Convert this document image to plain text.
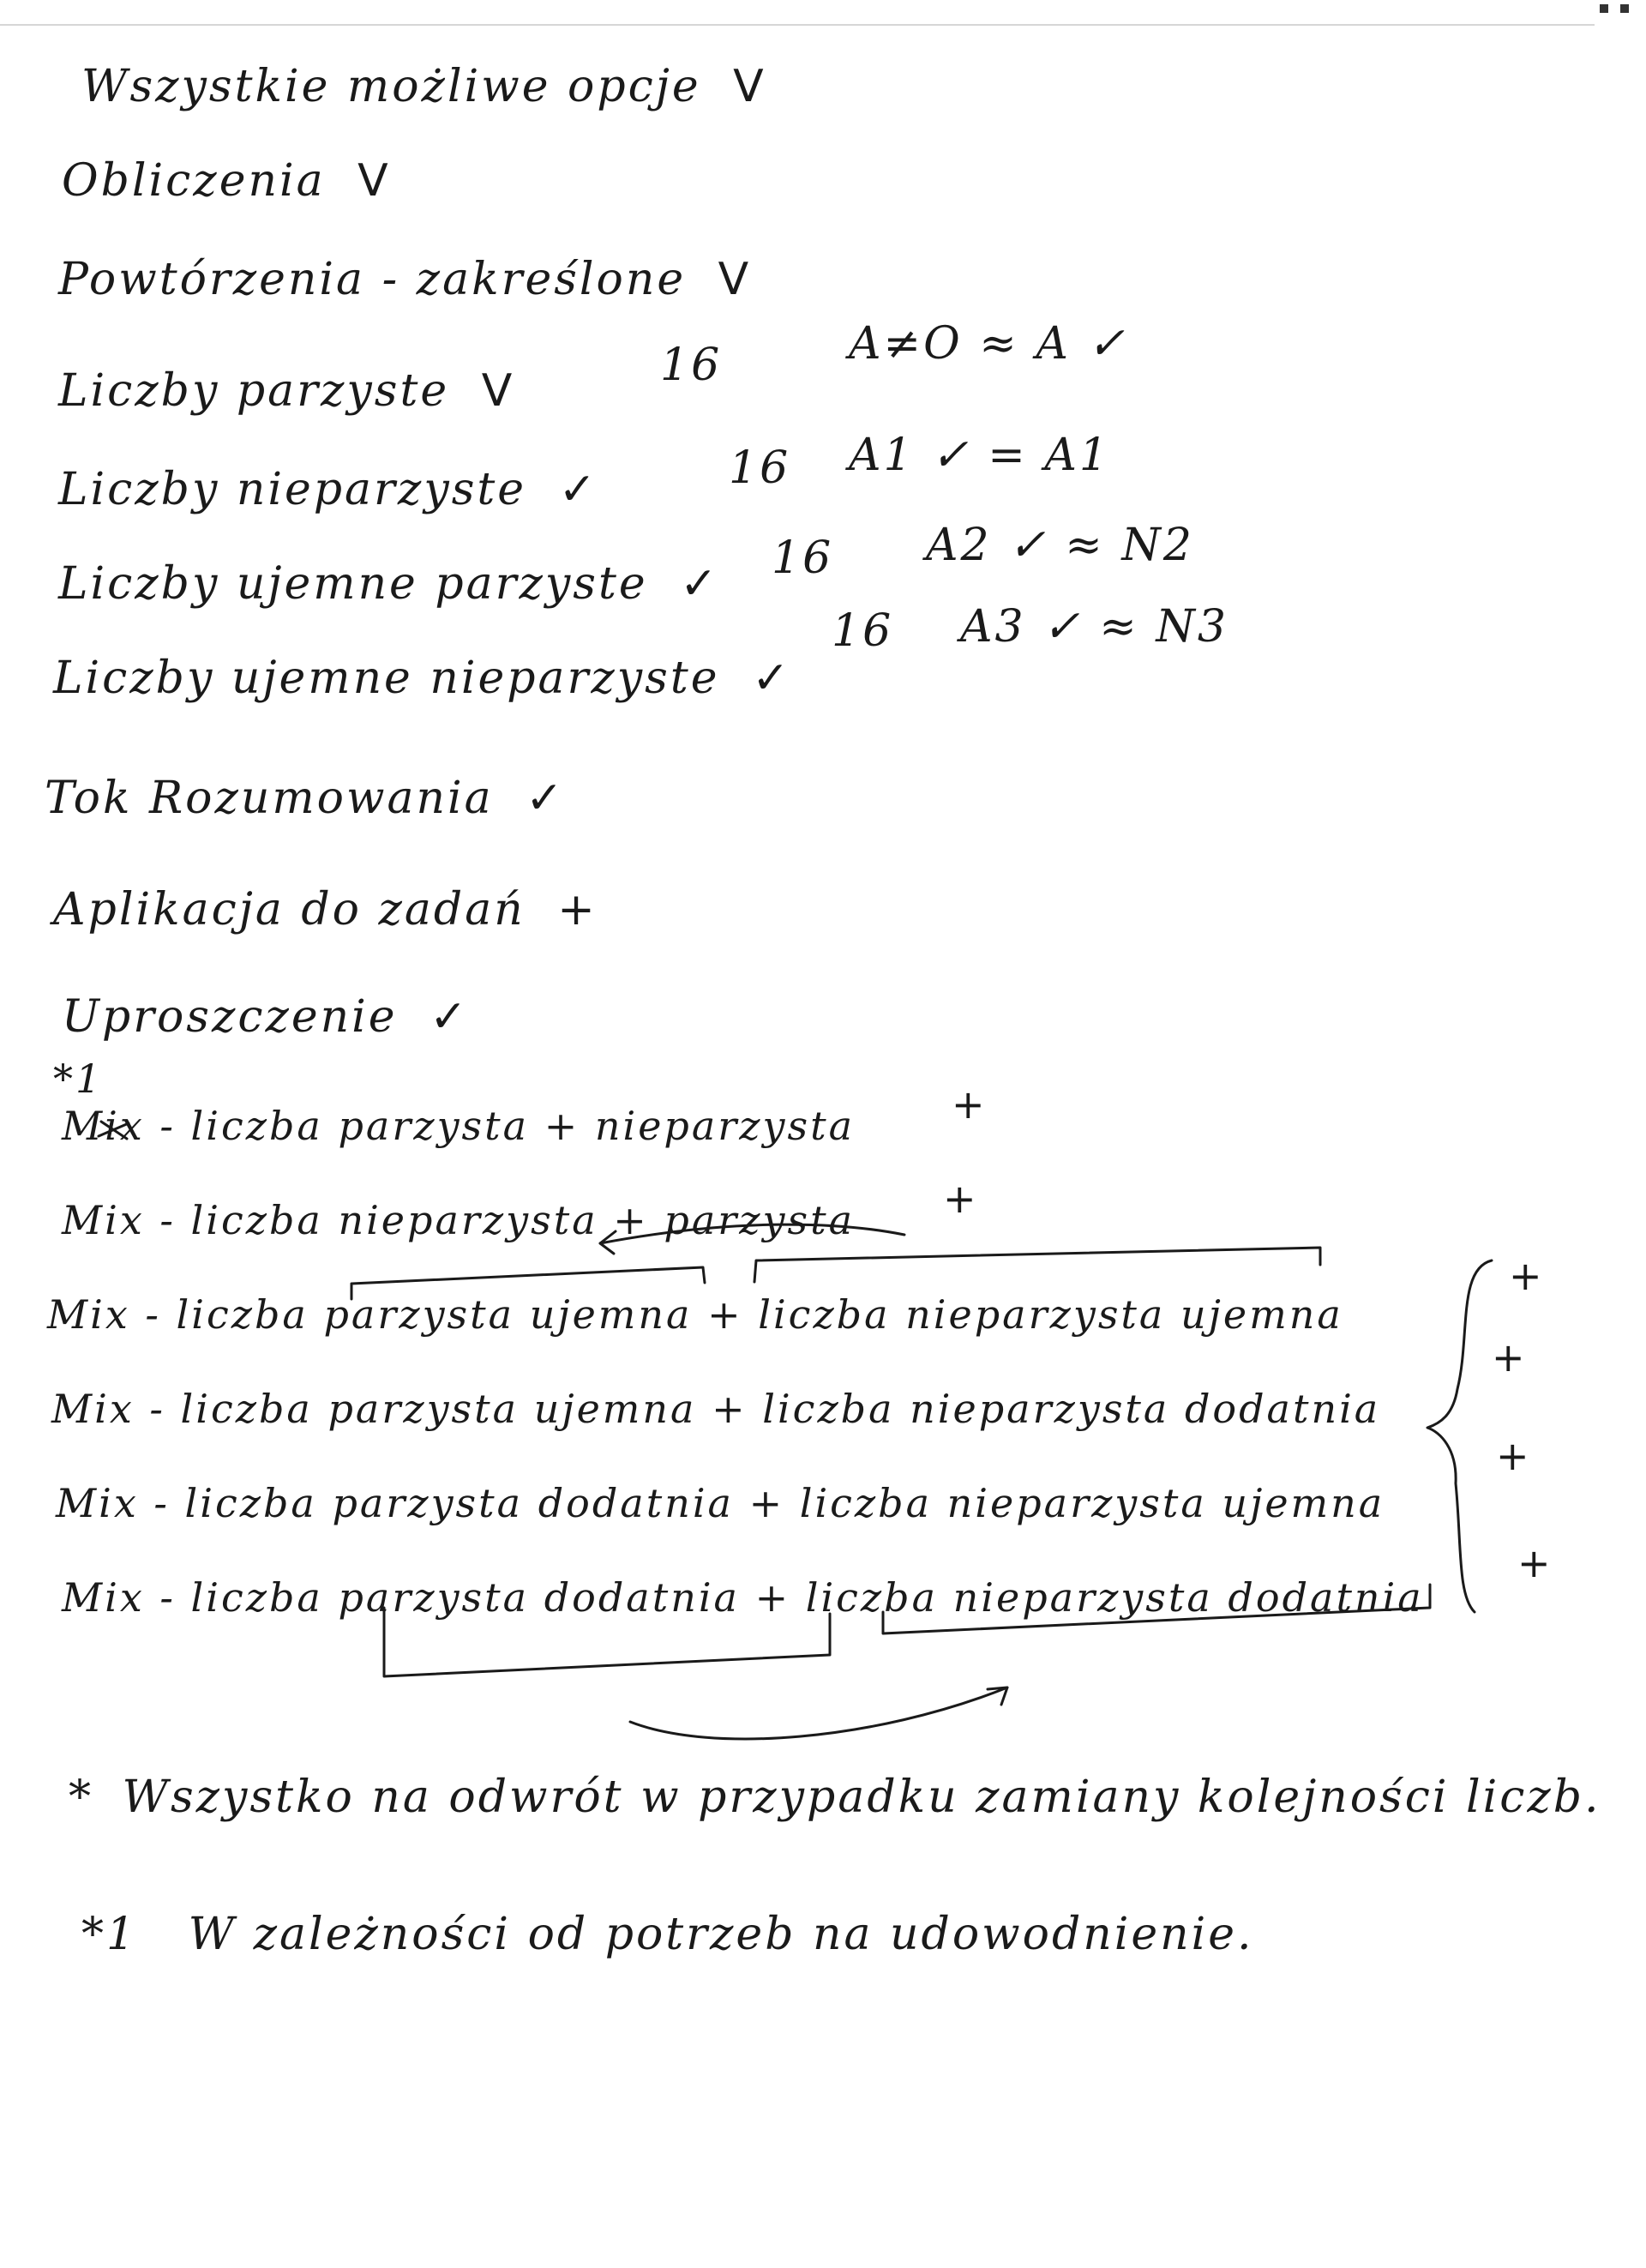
Wszystkie możliwe opcje V
Obliczenia V
Powtórzenia - zakreślone V
Liczby parzyste V
Liczby nieparzyste ✓
Liczby ujemne parzyste ✓
Liczby ujemne nieparzyste ✓
Tok Rozumowania ✓
Aplikacja do zadań +
Uproszczenie ✓
16	A≠O ≈ A ✓
16 A1 ✓ = A1
16 A2 ✓ ≈ N2
16 A3 ✓ ≈ N3
*1
Mix - liczba parzysta + nieparzysta +
Mix - liczba nieparzysta + parzysta +
Mix - liczba parzysta ujemna + liczba nieparzysta ujemna
+
Mix - liczba parzysta ujemna + liczba nieparzysta dodatnia
+
Mix - liczba parzysta dodatnia + liczba nieparzysta ujemna
+
Mix - liczba parzysta dodatnia + liczba nieparzysta dodatnia
+
* Wszystko na odwrót w przypadku zamiany kolejności liczb.
*1 W zależności od potrzeb na udowodnienie.
